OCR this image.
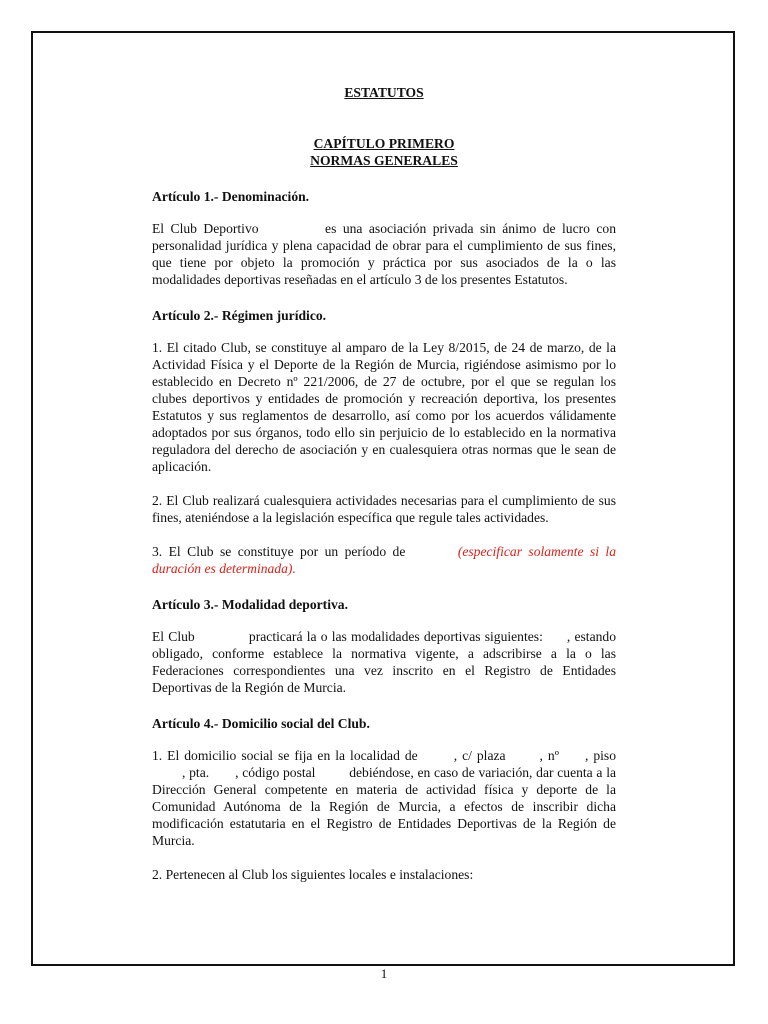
ESTATUTOS

CAPÍTULO PRIMERO

NORMAS GENERALES

Artículo 1.- Denominación.

El Club Deportivo	es una asociación privada sin ánimo de lucro con personalidad jurídica y plena capacidad de obrar para el cumplimiento de sus fines, que tiene por objeto la promoción y práctica por sus asociados de la o las modalidades deportivas reseñadas en el artículo 3 de los presentes Estatutos.

Artículo 2.- Régimen jurídico.

1. El citado Club, se constituye al amparo de la Ley 8/2015, de 24 de marzo, de la Actividad Física y el Deporte de la Región de Murcia, rigiéndose asimismo por lo establecido en Decreto nº 221/2006, de 27 de octubre, por el que se regulan los clubes deportivos y entidades de promoción y recreación deportiva, los presentes Estatutos y sus reglamentos de desarrollo, así como por los acuerdos válidamente adoptados por sus órganos, todo ello sin perjuicio de lo establecido en la normativa reguladora del derecho de asociación y en cualesquiera otras normas que le sean de aplicación.

2. El Club realizará cualesquiera actividades necesarias para el cumplimiento de sus fines, ateniéndose a la legislación específica que regule tales actividades.

3. El Club se constituye por un período de	(especificar solamente si la duración es determinada).

Artículo 3.- Modalidad deportiva.

El Club	practicará la o las modalidades deportivas siguientes: , estando obligado, conforme establece la normativa vigente, a adscribirse a la o las Federaciones correspondientes una vez inscrito en el Registro de Entidades Deportivas de la Región de Murcia.

Artículo 4.- Domicilio social del Club.

1. El domicilio social se fija en la localidad de	, c/ plaza	, nº , piso, pta. , código postal debiéndose, en caso de variación, dar cuenta a la Dirección General competente en materia de actividad física y deporte de la Comunidad Autónoma de la Región de Murcia, a efectos de inscribir dicha modificación estatutaria en el Registro de Entidades Deportivas de la Región de Murcia.

2. Pertenecen al Club los siguientes locales e instalaciones:

1
